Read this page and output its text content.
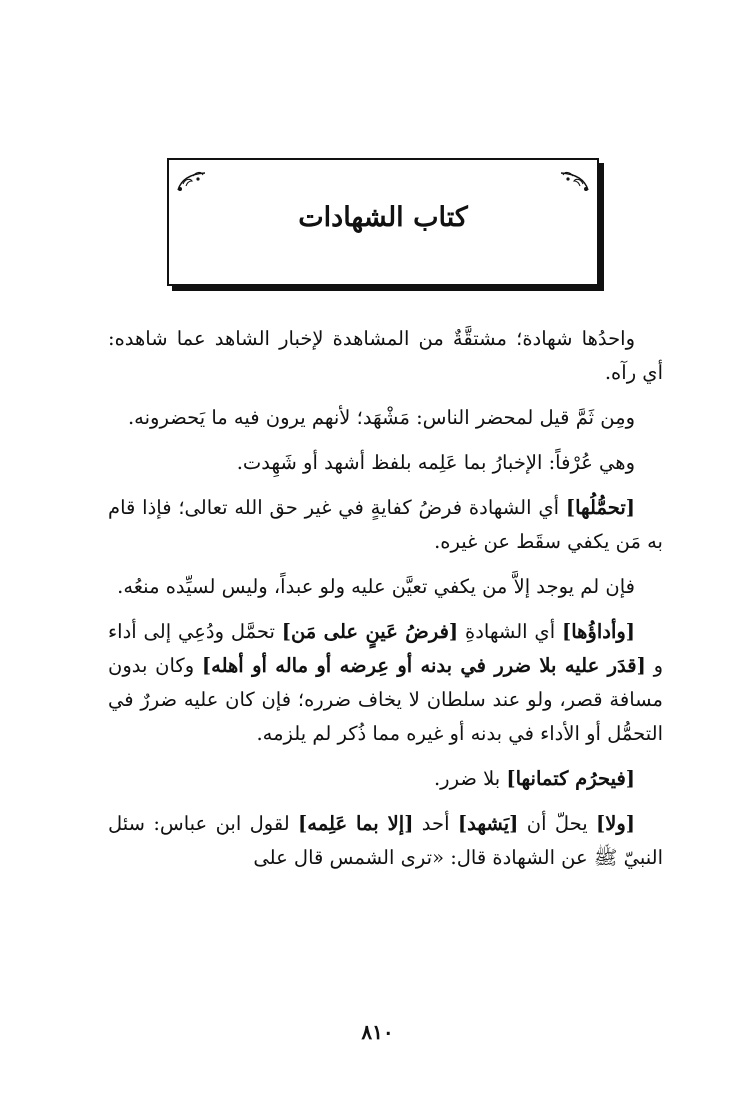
كتاب الشهادات

واحدُها شهادة؛ مشتقَّةٌ من المشاهدة لإخبار الشاهد عما شاهده: أي رآه.

ومِن ثَمَّ قيل لمحضر الناس: مَشْهَد؛ لأنهم يرون فيه ما يَحضرونه.

وهي عُرْفاً: الإخبارُ بما عَلِمه بلفظ أشهد أو شَهِدت.

[تحمُّلُها] أي الشهادة فرضُ كفايةٍ في غير حق الله تعالى؛ فإذا قام به مَن يكفي سقَط عن غيره.

فإن لم يوجد إلاَّ من يكفي تعيَّن عليه ولو عبداً، وليس لسيِّده منعُه.

[وأداؤُها] أي الشهادةِ [فرضُ عَينٍ على مَن] تحمَّل ودُعِي إلى أداء و [قدَر عليه بلا ضرر في بدنه أو عِرضه أو ماله أو أهله] وكان بدون مسافة قصر، ولو عند سلطان لا يخاف ضرره؛ فإن كان عليه ضررٌ في التحمُّل أو الأداء في بدنه أو غيره مما ذُكر لم يلزمه.

[فيحرُم كتمانها] بلا ضرر.

[ولا] يحلّ أن [يَشهد] أحد [إلا بما عَلِمه] لقول ابن عباس: سئل النبيّ ﷺ عن الشهادة قال: «ترى الشمس قال على

٨١٠
